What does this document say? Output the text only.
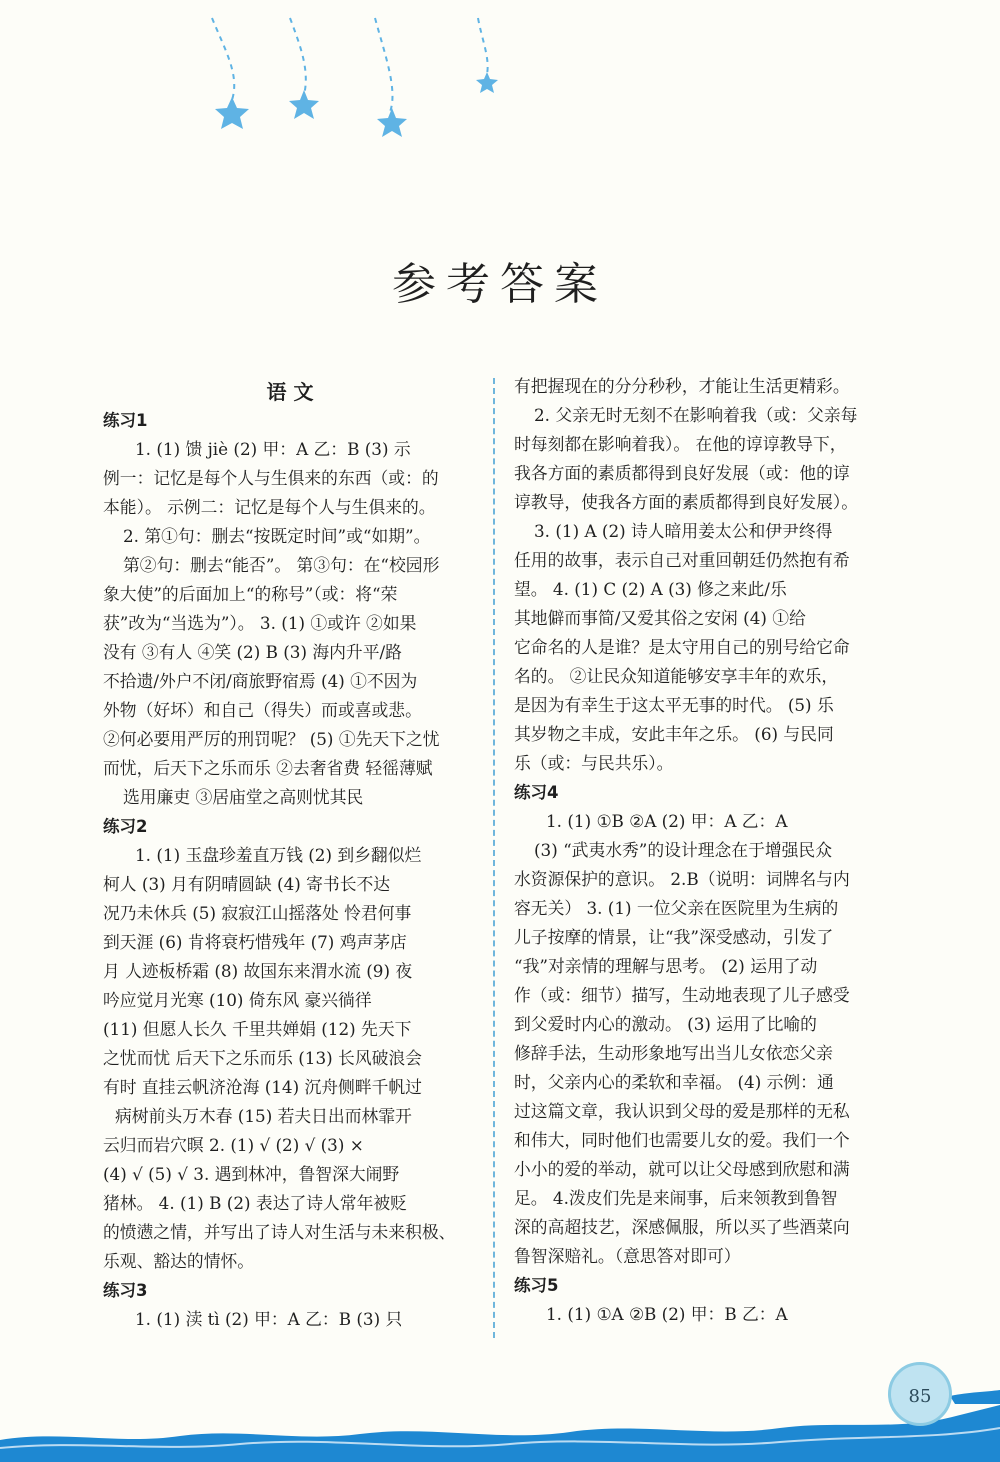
参考答案
语 文

练习1

1. (1) 馈 jiè (2) 甲：A 乙：B (3) 示

例一：记忆是每个人与生俱来的东西（或：的

本能）。 示例二：记忆是每个人与生俱来的。

2. 第①句：删去“按既定时间”或“如期”。

第②句：删去“能否”。 第③句：在“校园形

象大使”的后面加上“的称号”（或：将“荣

获”改为“当选为”）。 3. (1) ①或许 ②如果

没有 ③有人 ④笑 (2) B (3) 海内升平/路

不拾遗/外户不闭/商旅野宿焉 (4) ①不因为

外物（好坏）和自己（得失）而或喜或悲。

②何必要用严厉的刑罚呢？ (5) ①先天下之忧

而忧，后天下之乐而乐 ②去奢省费 轻徭薄赋

选用廉吏 ③居庙堂之高则忧其民

练习2

1. (1) 玉盘珍羞直万钱 (2) 到乡翻似烂

柯人 (3) 月有阴晴圆缺 (4) 寄书长不达

况乃未休兵 (5) 寂寂江山摇落处 怜君何事

到天涯 (6) 肯将衰朽惜残年 (7) 鸡声茅店

月 人迹板桥霜 (8) 故国东来渭水流 (9) 夜

吟应觉月光寒 (10) 倚东风 豪兴徜徉

(11) 但愿人长久 千里共婵娟 (12) 先天下

之忧而忧 后天下之乐而乐 (13) 长风破浪会

有时 直挂云帆济沧海 (14) 沉舟侧畔千帆过

病树前头万木春 (15) 若夫日出而林霏开

云归而岩穴暝 2. (1) √ (2) √ (3) ×

(4) √ (5) √ 3. 遇到林冲，鲁智深大闹野

猪林。 4. (1) B (2) 表达了诗人常年被贬

的愤懑之情，并写出了诗人对生活与未来积极、

乐观、豁达的情怀。

练习3

1. (1) 渎 tì (2) 甲：A 乙：B (3) 只

有把握现在的分分秒秒，才能让生活更精彩。

2. 父亲无时无刻不在影响着我（或：父亲每

时每刻都在影响着我）。 在他的谆谆教导下，

我各方面的素质都得到良好发展（或：他的谆

谆教导，使我各方面的素质都得到良好发展）。

3. (1) A (2) 诗人暗用姜太公和伊尹终得

任用的故事，表示自己对重回朝廷仍然抱有希

望。 4. (1) C (2) A (3) 修之来此/乐

其地僻而事简/又爱其俗之安闲 (4) ①给

它命名的人是谁？是太守用自己的别号给它命

名的。 ②让民众知道能够安享丰年的欢乐，

是因为有幸生于这太平无事的时代。 (5) 乐

其岁物之丰成，安此丰年之乐。 (6) 与民同

乐（或：与民共乐）。

练习4

1. (1) ①B ②A (2) 甲：A 乙：A

(3) “武夷水秀”的设计理念在于增强民众

水资源保护的意识。 2.B（说明：词牌名与内

容无关） 3. (1) 一位父亲在医院里为生病的

儿子按摩的情景，让“我”深受感动，引发了

“我”对亲情的理解与思考。 (2) 运用了动

作（或：细节）描写，生动地表现了儿子感受

到父爱时内心的激动。 (3) 运用了比喻的

修辞手法，生动形象地写出当儿女依恋父亲

时，父亲内心的柔软和幸福。 (4) 示例：通

过这篇文章，我认识到父母的爱是那样的无私

和伟大，同时他们也需要儿女的爱。我们一个

小小的爱的举动，就可以让父母感到欣慰和满

足。 4.泼皮们先是来闹事，后来领教到鲁智

深的高超技艺，深感佩服，所以买了些酒菜向

鲁智深赔礼。（意思答对即可）

练习5

1. (1) ①A ②B (2) 甲：B 乙：A

85
